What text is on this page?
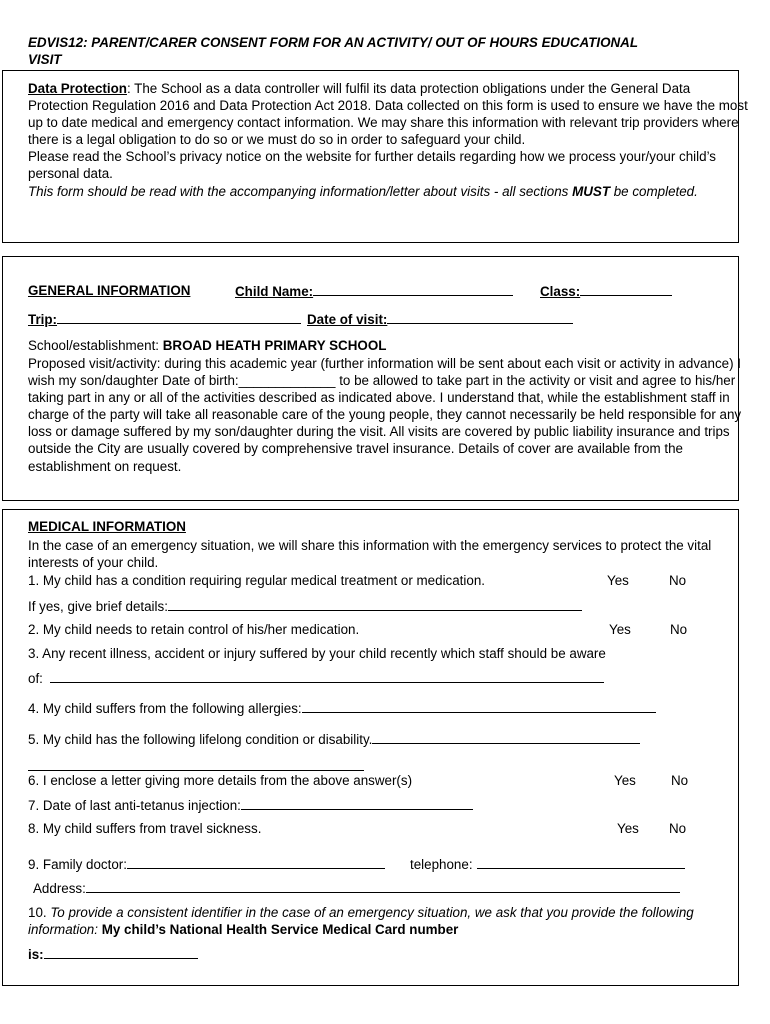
EDVIS12: PARENT/CARER CONSENT FORM FOR AN ACTIVITY/ OUT OF HOURS EDUCATIONAL
VISIT
Data Protection: The School as a data controller will fulfil its data protection obligations under the General Data Protection Regulation 2016 and Data Protection Act 2018. Data collected on this form is used to ensure we have the most up to date medical and emergency contact information. We may share this information with relevant trip providers where there is a legal obligation to do so or we must do so in order to safeguard your child.
Please read the School’s privacy notice on the website for further details regarding how we process your/your child’s personal data.
This form should be read with the accompanying information/letter about visits - all sections MUST be completed.
GENERAL INFORMATION	Child Name:	Class:
Trip:	Date of visit:
School/establishment: BROAD HEATH PRIMARY SCHOOL
Proposed visit/activity: during this academic year (further information will be sent about each visit or activity in advance) I wish my son/daughter Date of birth:_____________ to be allowed to take part in the activity or visit and agree to his/her taking part in any or all of the activities described as indicated above. I understand that, while the establishment staff in charge of the party will take all reasonable care of the young people, they cannot necessarily be held responsible for any loss or damage suffered by my son/daughter during the visit. All visits are covered by public liability insurance and trips outside the City are usually covered by comprehensive travel insurance. Details of cover are available from the establishment on request.
MEDICAL INFORMATION
In the case of an emergency situation, we will share this information with the emergency services to protect the vital interests of your child.
1. My child has a condition requiring regular medical treatment or medication.	Yes	No
If yes, give brief details:
2. My child needs to retain control of his/her medication.	Yes	No
3. Any recent illness, accident or injury suffered by your child recently which staff should be aware
of:
4. My child suffers from the following allergies:
5. My child has the following lifelong condition or disability.
6. I enclose a letter giving more details from the above answer(s)	Yes	No
7. Date of last anti-tetanus injection:
8. My child suffers from travel sickness.	Yes No
9. Family doctor:	telephone:
Address:
10. To provide a consistent identifier in the case of an emergency situation, we ask that you provide the following information: My child’s National Health Service Medical Card number
is:
